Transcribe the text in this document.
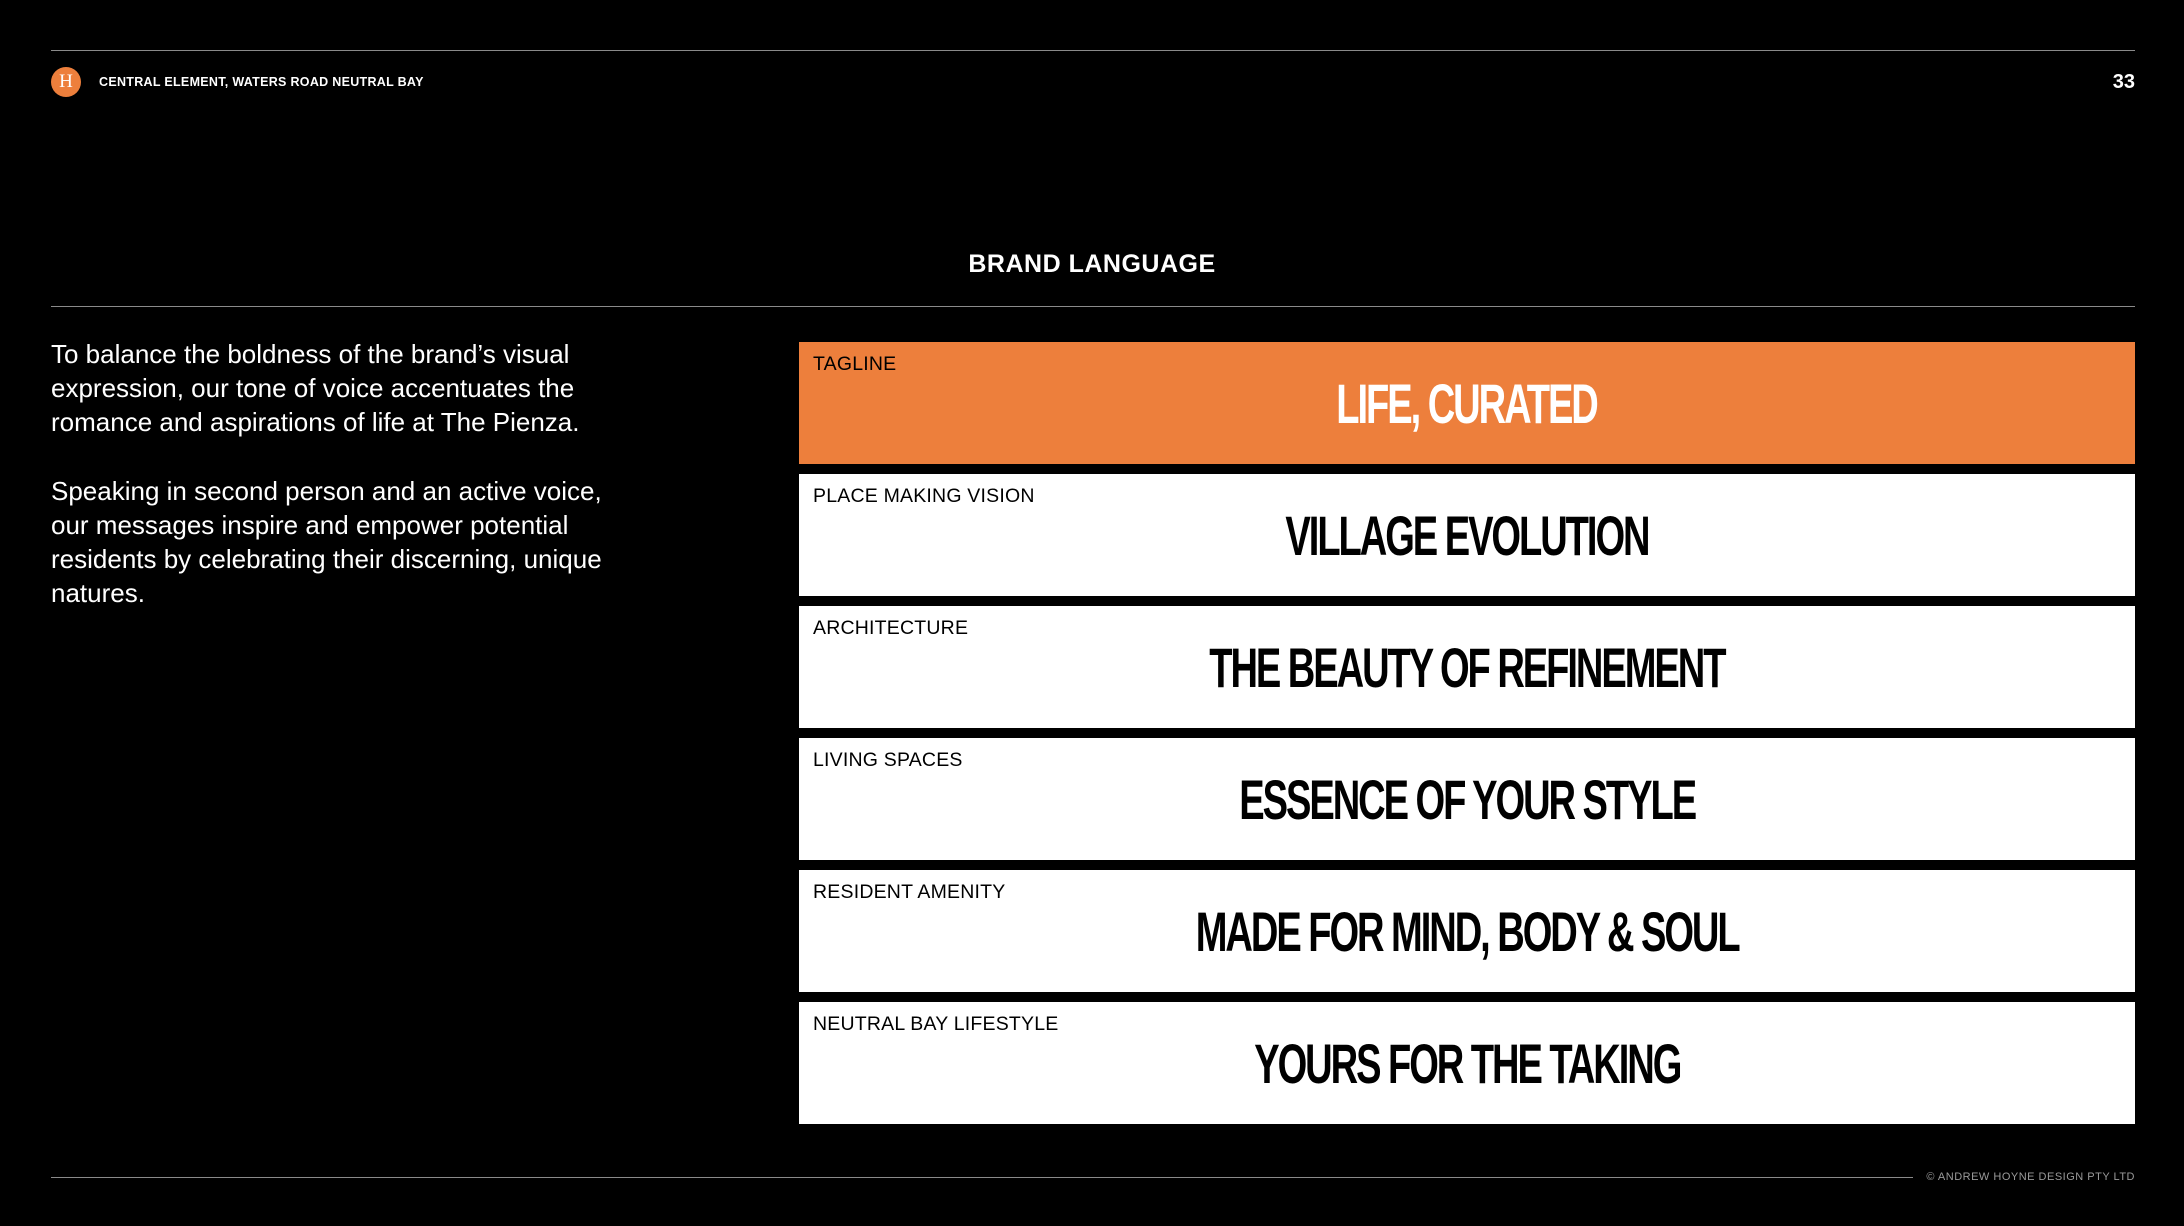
H	CENTRAL ELEMENT, WATERS ROAD NEUTRAL BAY	33
BRAND LANGUAGE

To balance the boldness of the brand’s visual expression, our tone of voice accentuates the romance and aspirations of life at The Pienza.

Speaking in second person and an active voice, our messages inspire and empower potential residents by celebrating their discerning, unique natures.

TAGLINE
LIFE, CURATED
PLACE MAKING VISION
VILLAGE EVOLUTION
ARCHITECTURE
THE BEAUTY OF REFINEMENT
LIVING SPACES
ESSENCE OF YOUR STYLE
RESIDENT AMENITY
MADE FOR MIND, BODY & SOUL
NEUTRAL BAY LIFESTYLE
YOURS FOR THE TAKING
© ANDREW HOYNE DESIGN PTY LTD
